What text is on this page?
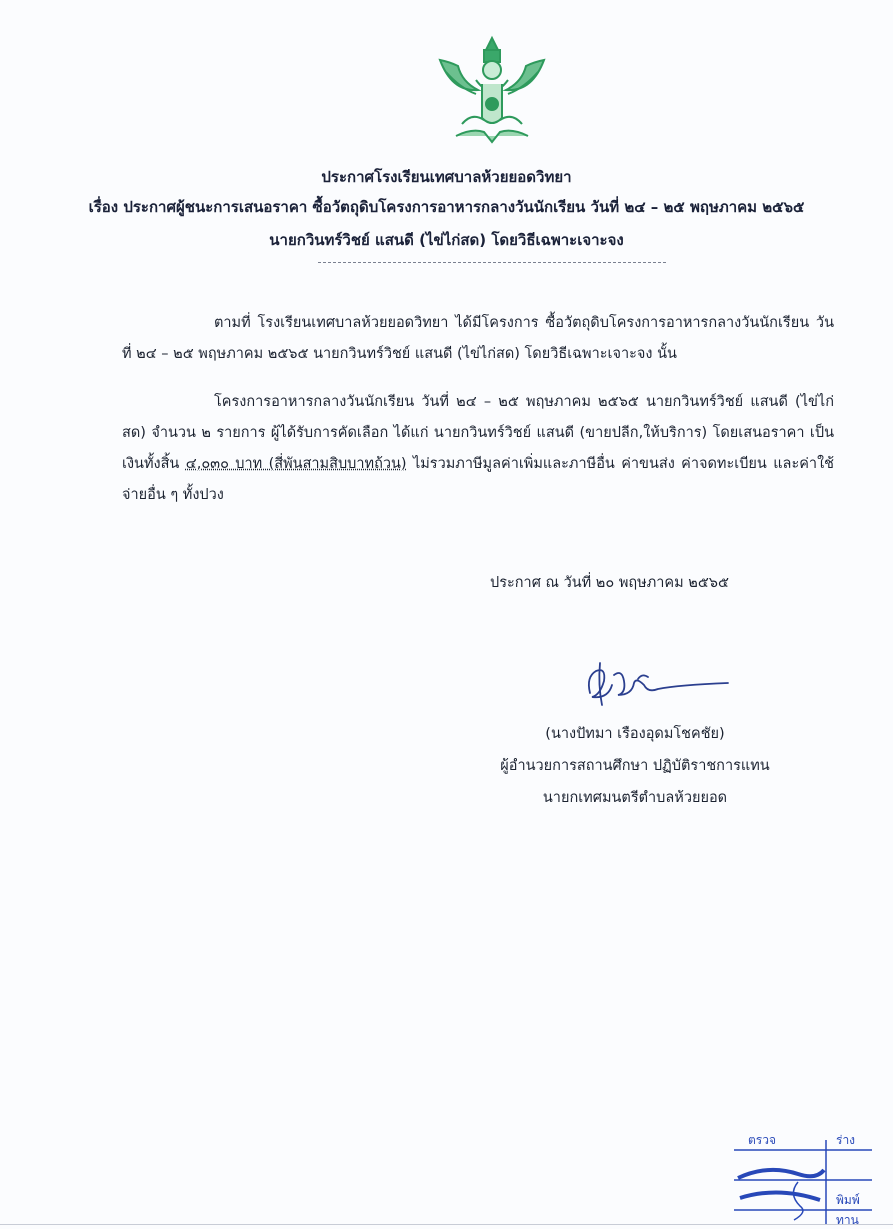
ประกาศโรงเรียนเทศบาลห้วยยอดวิทยา
เรื่อง ประกาศผู้ชนะการเสนอราคา ซื้อวัตถุดิบโครงการอาหารกลางวันนักเรียน วันที่ ๒๔ – ๒๕ พฤษภาคม ๒๕๖๕
นายกวินทร์วิชย์ แสนดี (ไข่ไก่สด) โดยวิธีเฉพาะเจาะจง
ตามที่ โรงเรียนเทศบาลห้วยยอดวิทยา ได้มีโครงการ ซื้อวัตถุดิบโครงการอาหารกลางวันนักเรียน วันที่ ๒๔ – ๒๕ พฤษภาคม ๒๕๖๕ นายกวินทร์วิชย์ แสนดี (ไข่ไก่สด) โดยวิธีเฉพาะเจาะจง นั้น
โครงการอาหารกลางวันนักเรียน วันที่ ๒๔ – ๒๕ พฤษภาคม ๒๕๖๕ นายกวินทร์วิชย์ แสนดี (ไข่ไก่สด) จำนวน ๒ รายการ ผู้ได้รับการคัดเลือก ได้แก่ นายกวินทร์วิชย์ แสนดี (ขายปลีก,ให้บริการ) โดยเสนอราคา เป็นเงินทั้งสิ้น ๔,๐๓๐ บาท (สี่พันสามสิบบาทถ้วน) ไม่รวมภาษีมูลค่าเพิ่มและภาษีอื่น ค่าขนส่ง ค่าจดทะเบียน และค่าใช้จ่ายอื่น ๆ ทั้งปวง
ประกาศ ณ วันที่ ๒๐ พฤษภาคม ๒๕๖๕
(นางปัทมา เรืองอุดมโชคชัย)
ผู้อำนวยการสถานศึกษา ปฏิบัติราชการแทน
นายกเทศมนตรีตำบลห้วยยอด
ตรวจ	ร่าง
พิมพ์
ทาน
